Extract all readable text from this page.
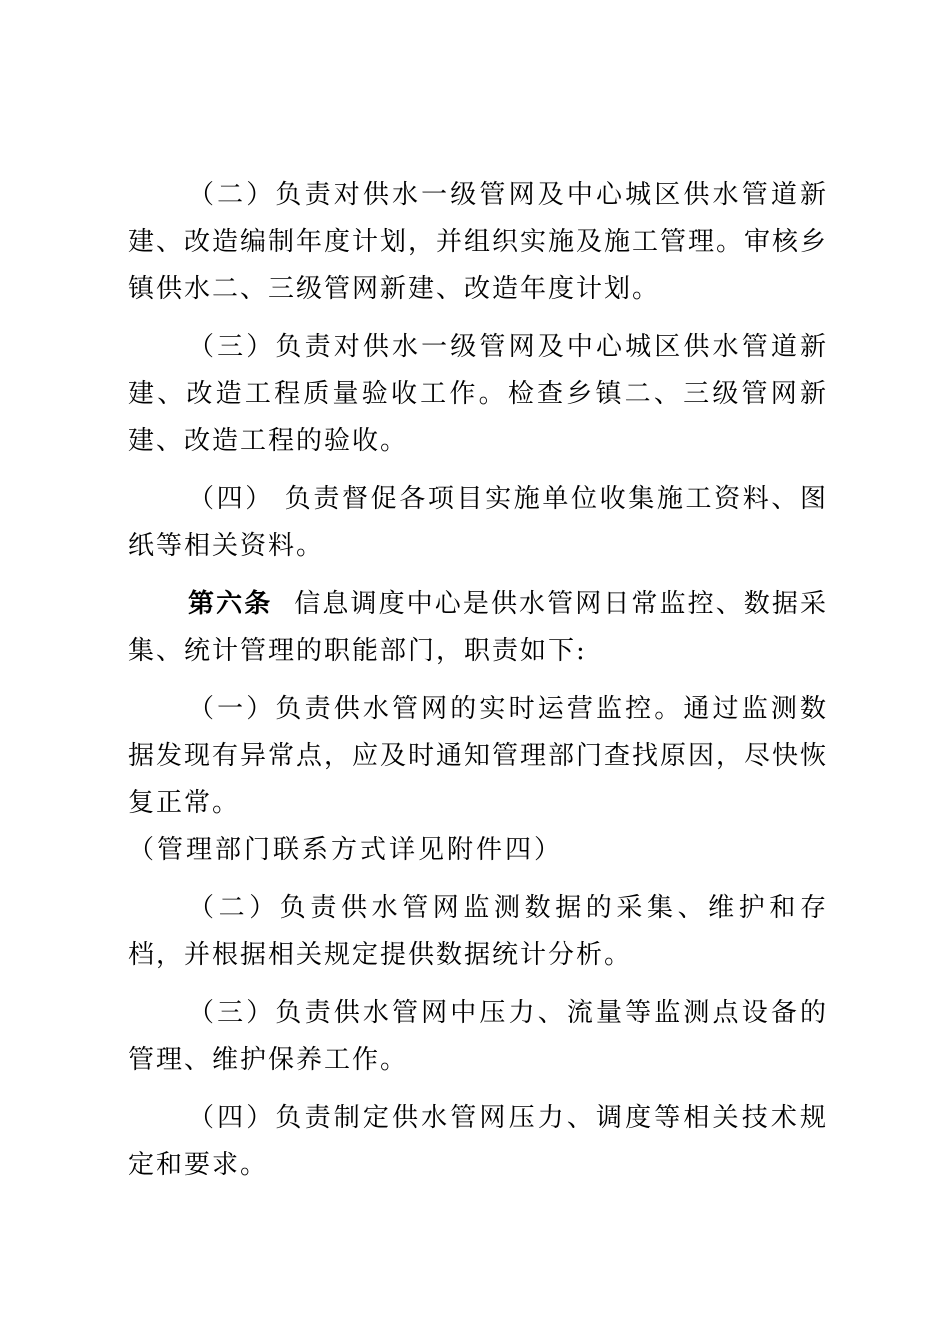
（二）负责对供水一级管网及中心城区供水管道新建、改造编制年度计划，并组织实施及施工管理。审核乡镇供水二、三级管网新建、改造年度计划。

（三）负责对供水一级管网及中心城区供水管道新建、改造工程质量验收工作。检查乡镇二、三级管网新建、改造工程的验收。

（四） 负责督促各项目实施单位收集施工资料、图纸等相关资料。

第六条 信息调度中心是供水管网日常监控、数据采集、统计管理的职能部门，职责如下:

（一）负责供水管网的实时运营监控。通过监测数据发现有异常点，应及时通知管理部门查找原因，尽快恢复正常。
（管理部门联系方式详见附件四）

（二）负责供水管网监测数据的采集、维护和存档，并根据相关规定提供数据统计分析。

（三）负责供水管网中压力、流量等监测点设备的管理、维护保养工作。

（四）负责制定供水管网压力、调度等相关技术规定和要求。
